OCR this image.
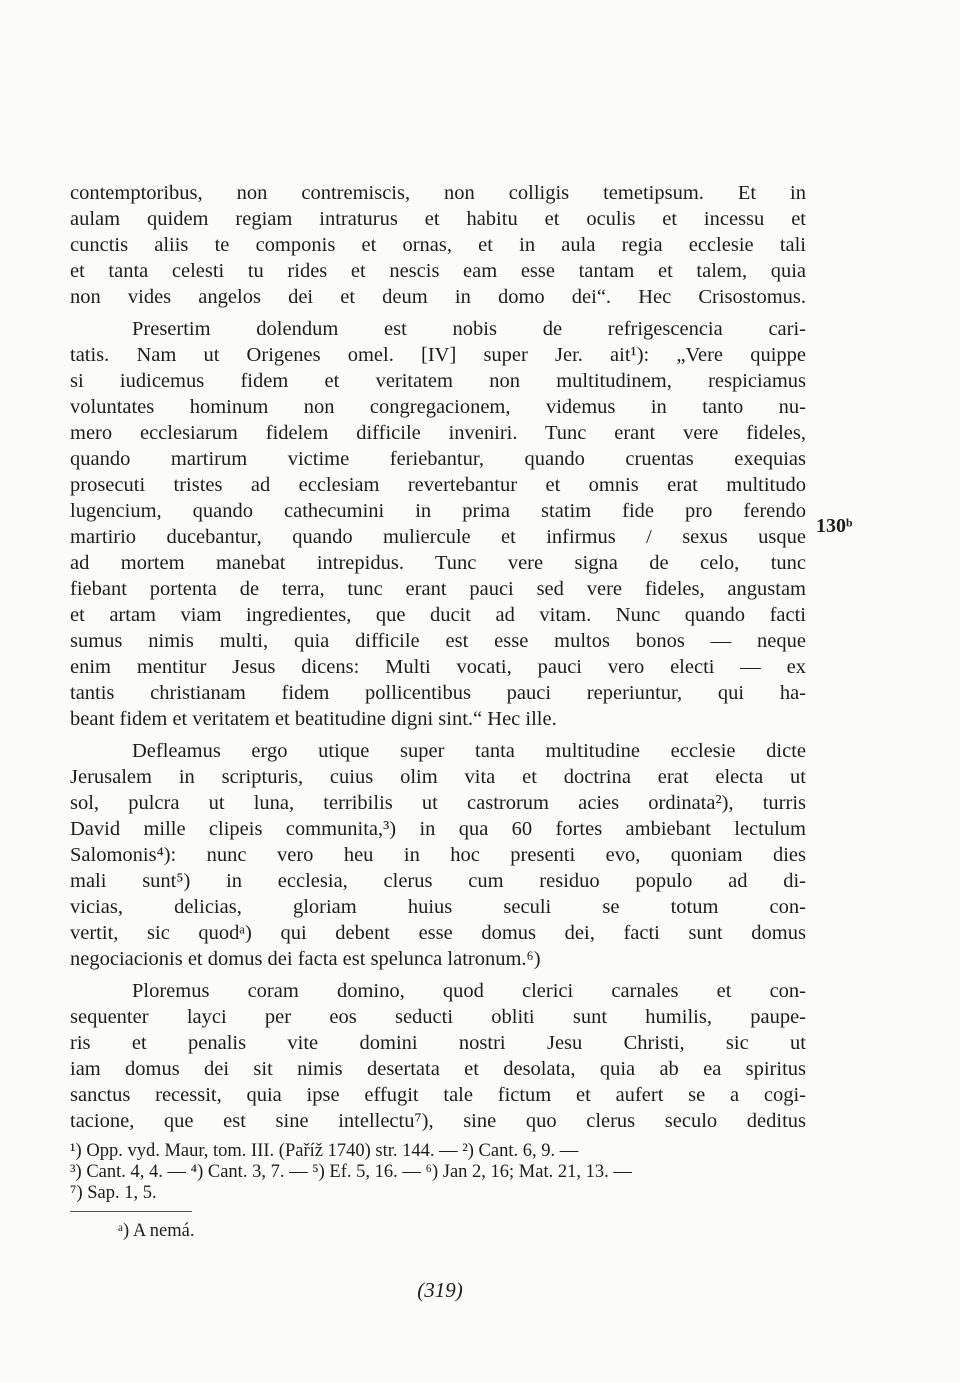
contemptoribus, non contremiscis, non colligis temetipsum. Et in
aulam quidem regiam intraturus et habitu et oculis et incessu et
cunctis aliis te componis et ornas, et in aula regia ecclesie tali
et tanta celesti tu rides et nescis eam esse tantam et talem, quia
non vides angelos dei et deum in domo dei“. Hec Crisostomus.
Presertim dolendum est nobis de refrigescencia cari-
tatis. Nam ut Origenes omel. [IV] super Jer. ait¹): „Vere quippe
si iudicemus fidem et veritatem non multitudinem, respiciamus
voluntates hominum non congregacionem, videmus in tanto nu-
mero ecclesiarum fidelem difficile inveniri. Tunc erant vere fideles,
quando martirum victime feriebantur, quando cruentas exequias
prosecuti tristes ad ecclesiam revertebantur et omnis erat multitudo
lugencium, quando cathecumini in prima statim fide pro ferendo
martirio ducebantur, quando muliercule et infirmus / sexus usque
ad mortem manebat intrepidus. Tunc vere signa de celo, tunc
fiebant portenta de terra, tunc erant pauci sed vere fideles, angustam
et artam viam ingredientes, que ducit ad vitam. Nunc quando facti
sumus nimis multi, quia difficile est esse multos bonos — neque
enim mentitur Jesus dicens: Multi vocati, pauci vero electi — ex
tantis christianam fidem pollicentibus pauci reperiuntur, qui ha-
beant fidem et veritatem et beatitudine digni sint.“ Hec ille.
Defleamus ergo utique super tanta multitudine ecclesie dicte
Jerusalem in scripturis, cuius olim vita et doctrina erat electa ut
sol, pulcra ut luna, terribilis ut castrorum acies ordinata²), turris
David mille clipeis communita,³) in qua 60 fortes ambiebant lectulum
Salomonis⁴): nunc vero heu in hoc presenti evo, quoniam dies
mali sunt⁵) in ecclesia, clerus cum residuo populo ad di-
vicias, delicias, gloriam huius seculi se totum con-
vertit, sic quodᵃ) qui debent esse domus dei, facti sunt domus
negociacionis et domus dei facta est spelunca latronum.⁶)
Ploremus coram domino, quod clerici carnales et con-
sequenter layci per eos seducti obliti sunt humilis, paupe-
ris et penalis vite domini nostri Jesu Christi, sic ut
iam domus dei sit nimis desertata et desolata, quia ab ea spiritus
sanctus recessit, quia ipse effugit tale fictum et aufert se a cogi-
tacione, que est sine intellectu⁷), sine quo clerus seculo deditus
130ᵇ
¹) Opp. vyd. Maur, tom. III. (Paříž 1740) str. 144. — ²) Cant. 6, 9. —
³) Cant. 4, 4. — ⁴) Cant. 3, 7. — ⁵) Ef. 5, 16. — ⁶) Jan 2, 16; Mat. 21, 13. —
⁷) Sap. 1, 5.
ᵃ) A nemá.
(319)
